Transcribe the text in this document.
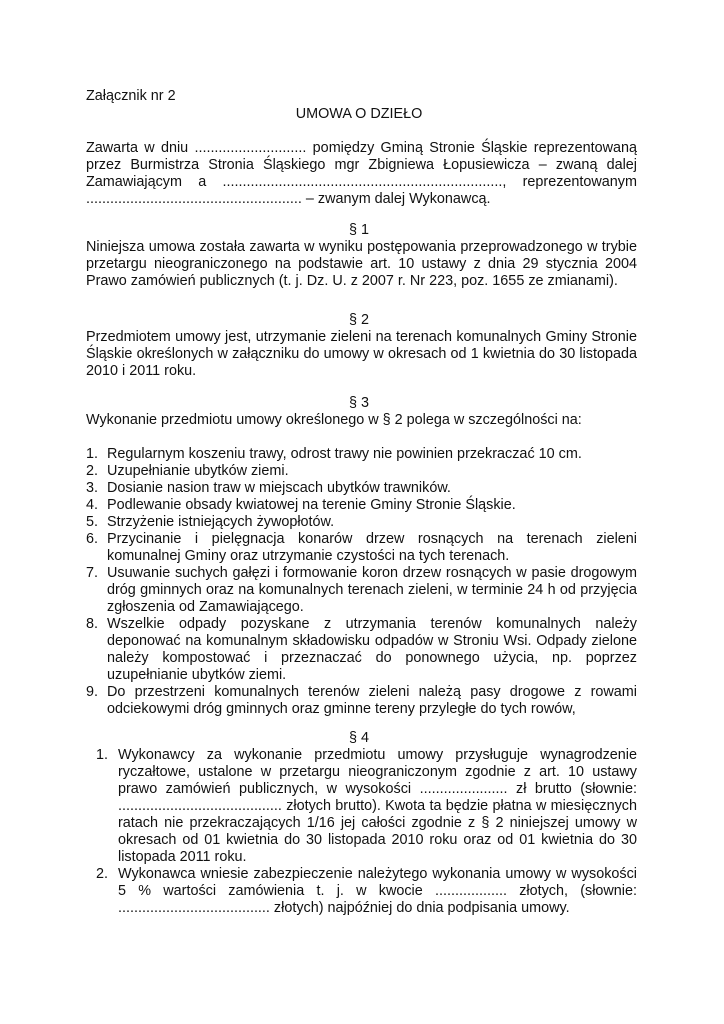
Załącznik nr 2
UMOWA O DZIEŁO
Zawarta w dniu ............................ pomiędzy Gminą Stronie Śląskie reprezentowaną przez Burmistrza Stronia Śląskiego mgr Zbigniewa Łopusiewicza – zwaną dalej Zamawiającym a ......................................................................, reprezentowanym ...................................................... – zwanym dalej Wykonawcą.
§ 1
Niniejsza umowa została zawarta w wyniku postępowania przeprowadzonego w trybie przetargu nieograniczonego na podstawie art. 10 ustawy z dnia 29 stycznia 2004 Prawo zamówień publicznych (t. j. Dz. U. z 2007 r. Nr 223, poz. 1655 ze zmianami).
§ 2
Przedmiotem umowy jest, utrzymanie zieleni na terenach komunalnych Gminy Stronie Śląskie określonych w załączniku do umowy w okresach od 1 kwietnia do 30 listopada 2010 i 2011 roku.
§ 3
Wykonanie przedmiotu umowy określonego w § 2 polega w szczególności na:
1. Regularnym koszeniu trawy, odrost trawy nie powinien przekraczać 10 cm.
2. Uzupełnianie ubytków ziemi.
3. Dosianie nasion traw w miejscach ubytków trawników.
4. Podlewanie obsady kwiatowej na terenie Gminy Stronie Śląskie.
5. Strzyżenie istniejących żywopłotów.
6. Przycinanie i pielęgnacja konarów drzew rosnących na terenach zieleni komunalnej Gminy oraz utrzymanie czystości na tych terenach.
7. Usuwanie suchych gałęzi i formowanie koron drzew rosnących w pasie drogowym dróg gminnych oraz na komunalnych terenach zieleni, w terminie 24 h od przyjęcia zgłoszenia od Zamawiającego.
8. Wszelkie odpady pozyskane z utrzymania terenów komunalnych należy deponować na komunalnym składowisku odpadów w Stroniu Wsi. Odpady zielone należy kompostować i przeznaczać do ponownego użycia, np. poprzez uzupełnianie ubytków ziemi.
9. Do przestrzeni komunalnych terenów zieleni należą pasy drogowe z rowami odciekowymi dróg gminnych oraz gminne tereny przyległe do tych rowów,
§ 4
1. Wykonawcy za wykonanie przedmiotu umowy przysługuje wynagrodzenie ryczałtowe, ustalone w przetargu nieograniczonym zgodnie z art. 10 ustawy prawo zamówień publicznych, w wysokości ...................... zł brutto (słownie: ......................................... złotych brutto). Kwota ta będzie płatna w miesięcznych ratach nie przekraczających 1/16 jej całości zgodnie z § 2 niniejszej umowy w okresach od 01 kwietnia do 30 listopada 2010 roku oraz od 01 kwietnia do 30 listopada 2011 roku.
2. Wykonawca wniesie zabezpieczenie należytego wykonania umowy w wysokości 5 % wartości zamówienia t. j. w kwocie .................. złotych, (słownie: ...................................... złotych) najpóźniej do dnia podpisania umowy.
